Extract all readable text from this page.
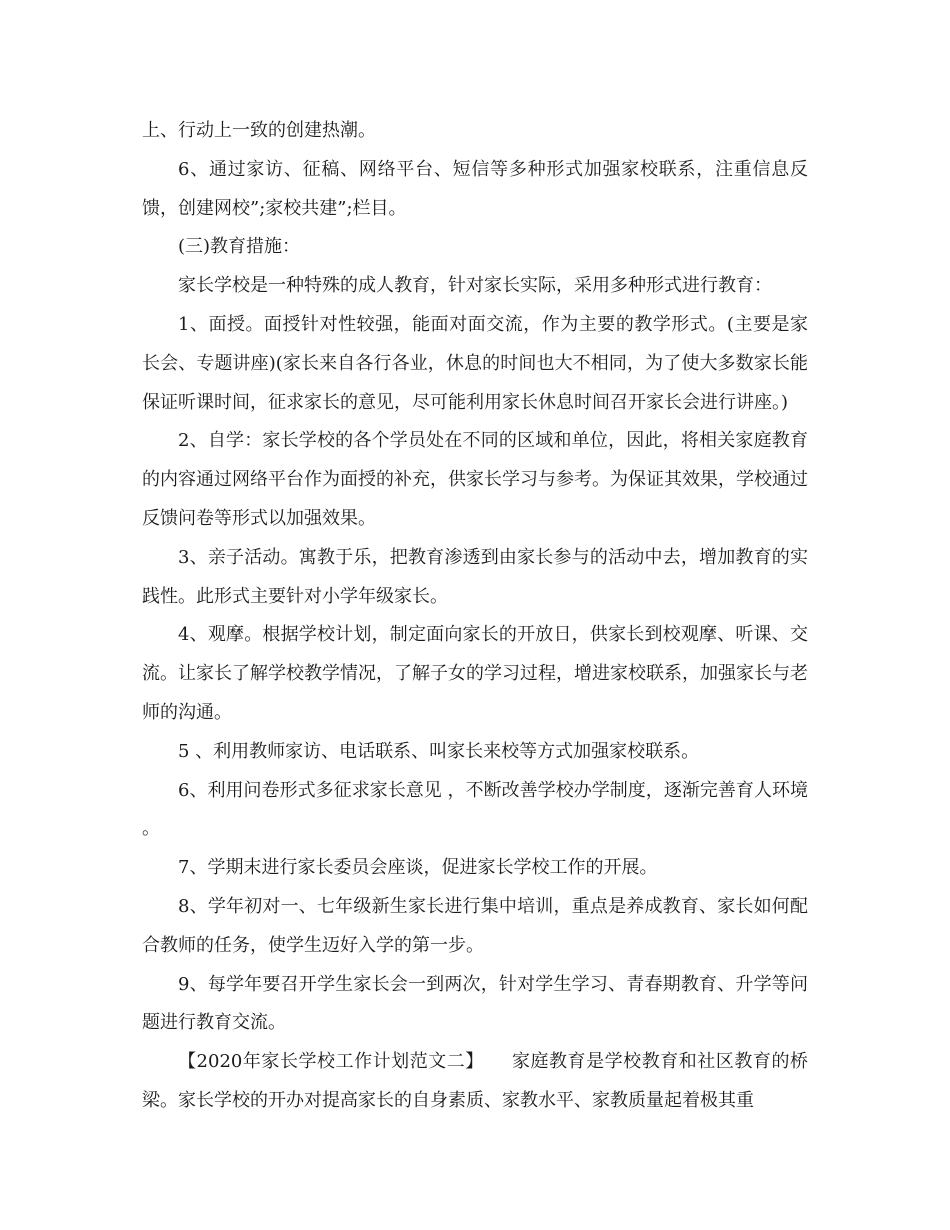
上、行动上一致的创建热潮。

6、通过家访、征稿、网络平台、短信等多种形式加强家校联系，注重信息反馈，创建网校”;家校共建”;栏目。

(三)教育措施：

家长学校是一种特殊的成人教育，针对家长实际，采用多种形式进行教育：

1、面授。面授针对性较强，能面对面交流，作为主要的教学形式。(主要是家长会、专题讲座)(家长来自各行各业，休息的时间也大不相同，为了使大多数家长能保证听课时间，征求家长的意见，尽可能利用家长休息时间召开家长会进行讲座。)

2、自学：家长学校的各个学员处在不同的区域和单位，因此，将相关家庭教育的内容通过网络平台作为面授的补充，供家长学习与参考。为保证其效果，学校通过反馈问卷等形式以加强效果。

3、亲子活动。寓教于乐，把教育渗透到由家长参与的活动中去，增加教育的实践性。此形式主要针对小学年级家长。

4、观摩。根据学校计划，制定面向家长的开放日，供家长到校观摩、听课、交流。让家长了解学校教学情况，了解子女的学习过程，增进家校联系，加强家长与老师的沟通。

5 、利用教师家访、电话联系、叫家长来校等方式加强家校联系。

6、利用问卷形式多征求家长意见 ，不断改善学校办学制度，逐渐完善育人环境 。

7、学期末进行家长委员会座谈，促进家长学校工作的开展。

8、学年初对一、七年级新生家长进行集中培训，重点是养成教育、家长如何配合教师的任务，使学生迈好入学的第一步。

9、每学年要召开学生家长会一到两次，针对学生学习、青春期教育、升学等问题进行教育交流。

【2020年家长学校工作计划范文二】　　家庭教育是学校教育和社区教育的桥梁。家长学校的开办对提高家长的自身素质、家教水平、家教质量起着极其重
